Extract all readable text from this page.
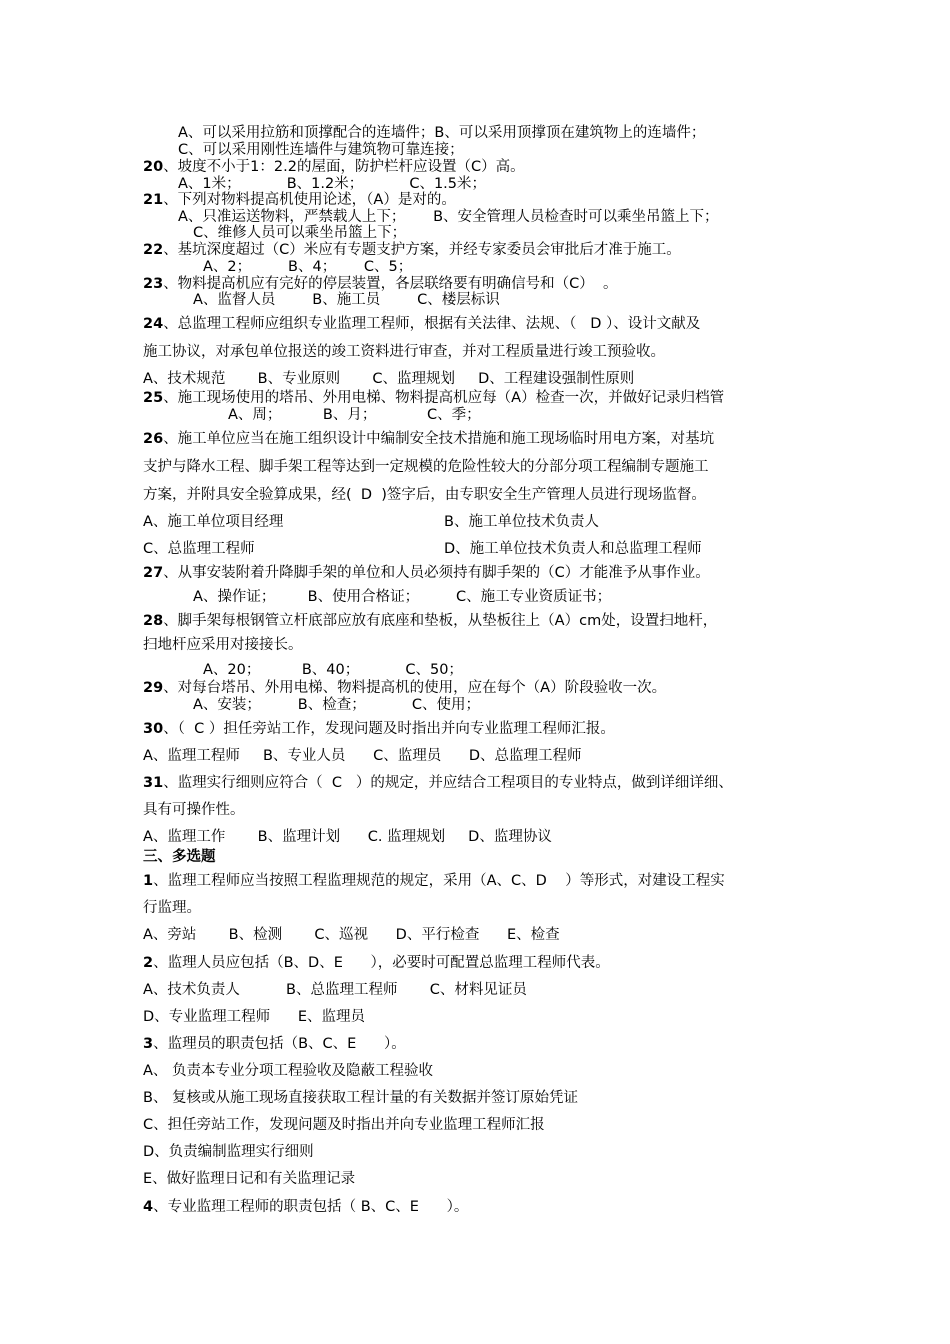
A、可以采用拉筋和顶撑配合的连墙件；B、可以采用顶撑顶在建筑物上的连墙件；
C、可以采用刚性连墙件与建筑物可靠连接；
20、坡度不小于1：2.2的屋面，防护栏杆应设置（C）高。
A、1米；          B、1.2米；          C、1.5米；
21、下列对物料提高机使用论述，（A）是对的。
A、只准运送物料，严禁载人上下；      B、安全管理人员检查时可以乘坐吊篮上下；
C、维修人员可以乘坐吊篮上下；
22、基坑深度超过（C）米应有专题支护方案，并经专家委员会审批后才准于施工。
A、2；        B、4；      C、5；
23、物料提高机应有完好的停层装置，各层联络要有明确信号和（C）  。
A、监督人员        B、施工员        C、楼层标识
24、总监理工程师应组织专业监理工程师，根据有关法律、法规、（   D ）、设计文献及
施工协议，对承包单位报送的竣工资料进行审查，并对工程质量进行竣工预验收。
A、技术规范       B、专业原则       C、监理规划     D、工程建设强制性原则
25、施工现场使用的塔吊、外用电梯、物料提高机应每（A）检查一次，并做好记录归档管
A、周；         B、月；           C、季；
26、施工单位应当在施工组织设计中编制安全技术措施和施工现场临时用电方案，对基坑
支护与降水工程、脚手架工程等达到一定规模的危险性较大的分部分项工程编制专题施工
方案，并附具安全验算成果，经(  D  )签字后，由专职安全生产管理人员进行现场监督。
A、施工单位项目经理	B、施工单位技术负责人
C、总监理工程师	D、施工单位技术负责人和总监理工程师
27、从事安装附着升降脚手架的单位和人员必须持有脚手架的（C）才能准予从事作业。
A、操作证；       B、使用合格证；        C、施工专业资质证书；
28、脚手架每根钢管立杆底部应放有底座和垫板，从垫板往上（A）cm处，设置扫地杆，
扫地杆应采用对接接长。
A、20；         B、40；          C、50；
29、对每台塔吊、外用电梯、物料提高机的使用，应在每个（A）阶段验收一次。
A、安装；        B、检查；          C、使用；
30、（  C ）担任旁站工作，发现问题及时指出并向专业监理工程师汇报。
A、监理工程师     B、专业人员      C、监理员      D、总监理工程师
31、监理实行细则应符合（  C   ）的规定，并应结合工程项目的专业特点，做到详细详细、
具有可操作性。
A、监理工作       B、监理计划      C. 监理规划     D、监理协议
三、多选题
1、监理工程师应当按照工程监理规范的规定，采用（A、C、D    ）等形式，对建设工程实
行监理。
A、旁站       B、检测       C、巡视      D、平行检查      E、检查
2、监理人员应包括（B、D、E      ），必要时可配置总监理工程师代表。
A、技术负责人          B、总监理工程师       C、材料见证员
D、专业监理工程师      E、监理员
3、监理员的职责包括（B、C、E      ）。
A、 负责本专业分项工程验收及隐蔽工程验收
B、 复核或从施工现场直接获取工程计量的有关数据并签订原始凭证
C、担任旁站工作，发现问题及时指出并向专业监理工程师汇报
D、负责编制监理实行细则
E、做好监理日记和有关监理记录
4、专业监理工程师的职责包括（ B、C、E      ）。
